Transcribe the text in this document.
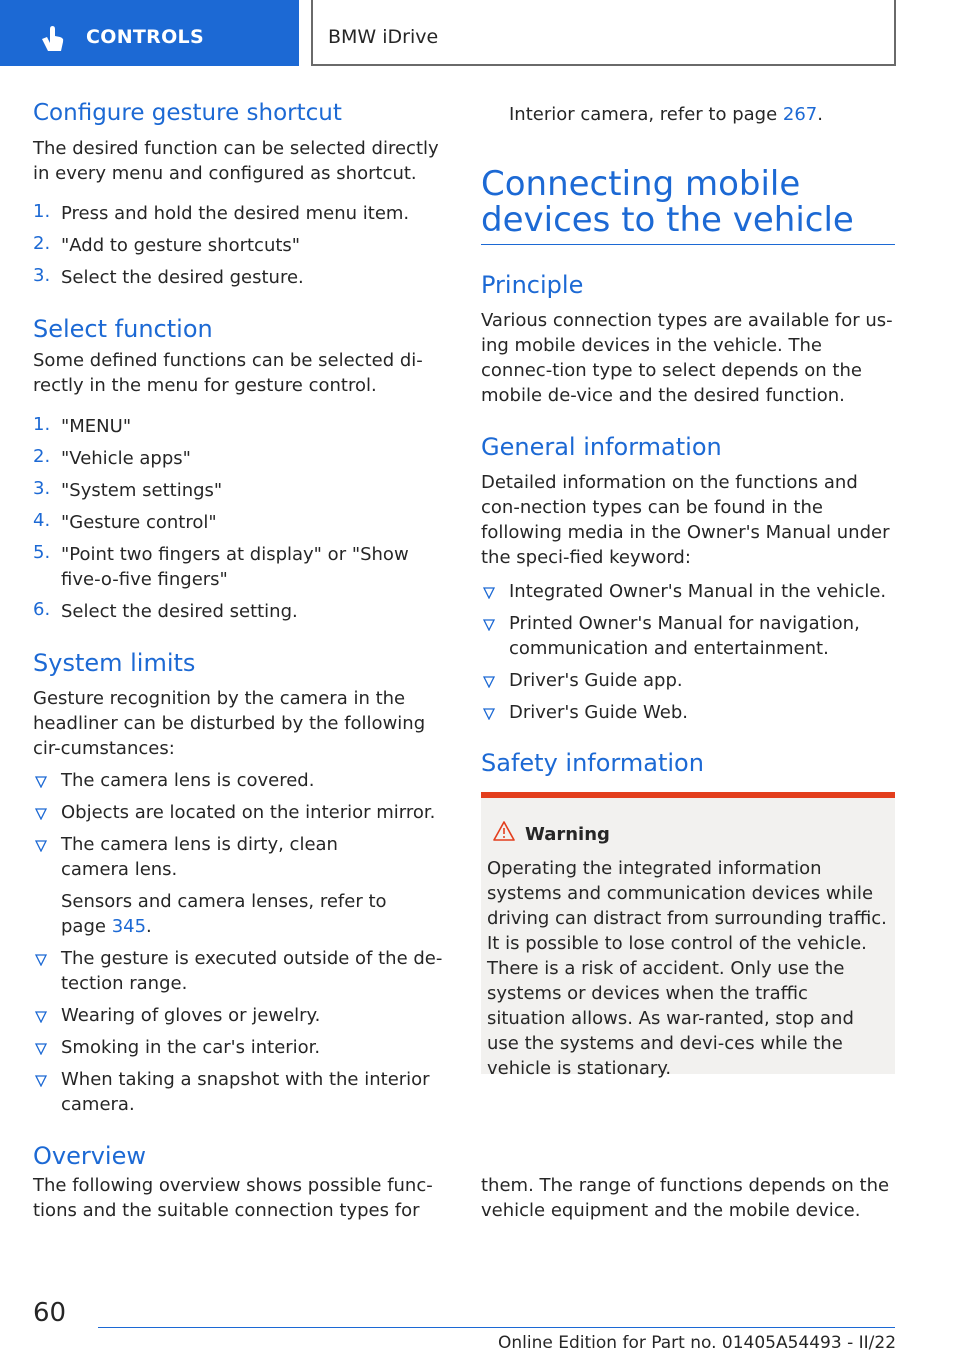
CONTROLS	BMW iDrive
Configure gesture shortcut
The desired function can be selected directly in every menu and configured as shortcut.
1. Press and hold the desired menu item.
2. "Add to gesture shortcuts"
3. Select the desired gesture.
Select function
Some defined functions can be selected di-rectly in the menu for gesture control.
1. "MENU"
2. "Vehicle apps"
3. "System settings"
4. "Gesture control"
5. "Point two fingers at display" or "Show five-o-five fingers"
6. Select the desired setting.
System limits
Gesture recognition by the camera in the headliner can be disturbed by the following cir-cumstances:
The camera lens is covered.
Objects are located on the interior mirror.
The camera lens is dirty, clean camera lens.
Sensors and camera lenses, refer to page 345.
The gesture is executed outside of the de-tection range.
Wearing of gloves or jewelry.
Smoking in the car's interior.
When taking a snapshot with the interior camera.
Overview
The following overview shows possible func-tions and the suitable connection types for
Interior camera, refer to page 267.
Connecting mobile devices to the vehicle
Principle
Various connection types are available for us-ing mobile devices in the vehicle. The connec-tion type to select depends on the mobile de-vice and the desired function.
General information
Detailed information on the functions and con-nection types can be found in the following media in the Owner's Manual under the speci-fied keyword:
Integrated Owner's Manual in the vehicle.
Printed Owner's Manual for navigation, communication and entertainment.
Driver's Guide app.
Driver's Guide Web.
Safety information
Warning
Operating the integrated information systems and communication devices while driving can distract from surrounding traffic. It is possible to lose control of the vehicle. There is a risk of accident. Only use the systems or devices when the traffic situation allows. As war-ranted, stop and use the systems and devi-ces while the vehicle is stationary.
them. The range of functions depends on the vehicle equipment and the mobile device.
60
Online Edition for Part no. 01405A54493 - II/22
